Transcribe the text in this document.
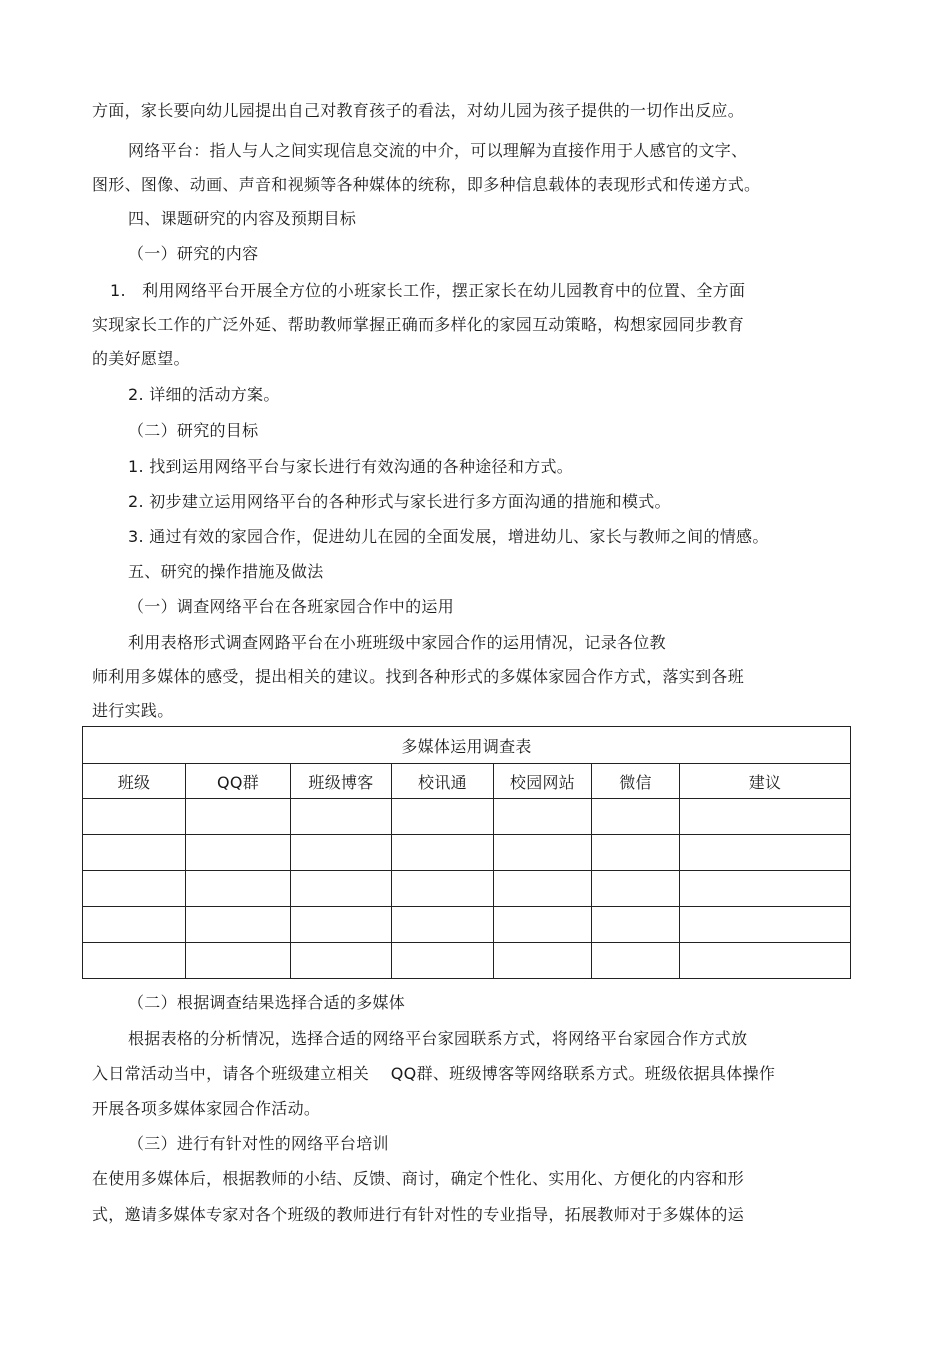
方面，家长要向幼儿园提出自己对教育孩子的看法，对幼儿园为孩子提供的一切作出反应。
网络平台：指人与人之间实现信息交流的中介，可以理解为直接作用于人感官的文字、
图形、图像、动画、声音和视频等各种媒体的统称，即多种信息载体的表现形式和传递方式。
四、课题研究的内容及预期目标
（一）研究的内容
1.　利用网络平台开展全方位的小班家长工作，摆正家长在幼儿园教育中的位置、全方面
实现家长工作的广泛外延、帮助教师掌握正确而多样化的家园互动策略，构想家园同步教育
的美好愿望。
2. 详细的活动方案。
（二）研究的目标
1. 找到运用网络平台与家长进行有效沟通的各种途径和方式。
2. 初步建立运用网络平台的各种形式与家长进行多方面沟通的措施和模式。
3. 通过有效的家园合作，促进幼儿在园的全面发展，增进幼儿、家长与教师之间的情感。
五、研究的操作措施及做法
（一）调查网络平台在各班家园合作中的运用
利用表格形式调查网路平台在小班班级中家园合作的运用情况，记录各位教
师利用多媒体的感受，提出相关的建议。找到各种形式的多媒体家园合作方式，落实到各班
进行实践。
多媒体运用调查表						
班级	QQ群	班级博客	校讯通	校园网站	微信	建议

（二）根据调查结果选择合适的多媒体
根据表格的分析情况，选择合适的网络平台家园联系方式，将网络平台家园合作方式放
入日常活动当中，请各个班级建立相关　 QQ群、班级博客等网络联系方式。班级依据具体操作
开展各项多媒体家园合作活动。
（三）进行有针对性的网络平台培训
在使用多媒体后，根据教师的小结、反馈、商讨，确定个性化、实用化、方便化的内容和形
式，邀请多媒体专家对各个班级的教师进行有针对性的专业指导，拓展教师对于多媒体的运
